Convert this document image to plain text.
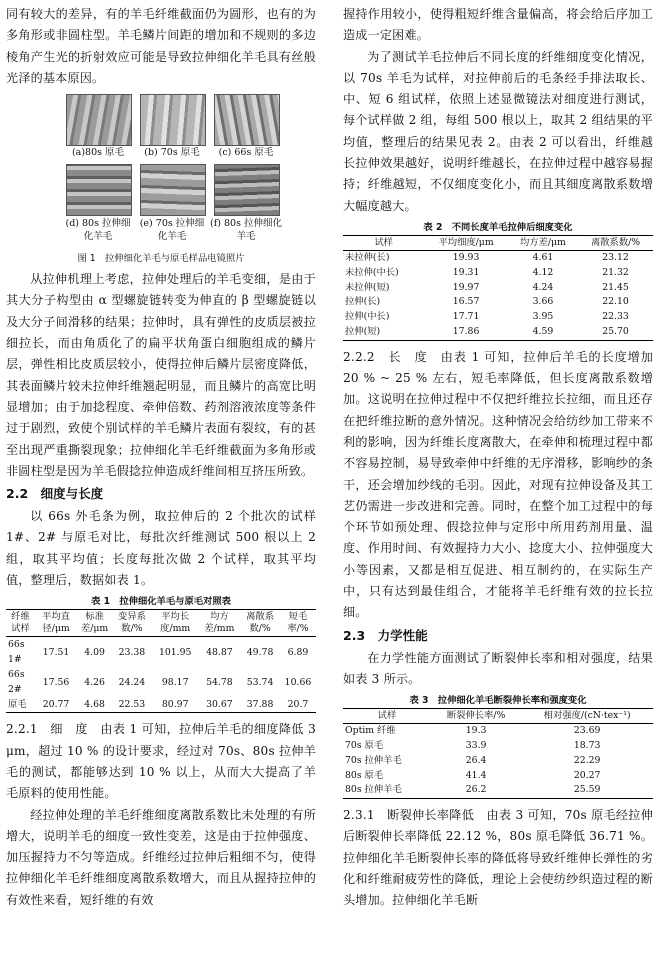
同有较大的差异，有的羊毛纤维截面仍为圆形，也有的为多角形或非圆柱型。羊毛鳞片间距的增加和不规则的多边棱角产生光的折射效应可能是导致拉伸细化羊毛具有丝般光泽的基本原因。

(a)80s 原毛	(b) 70s 原毛	(c) 66s 原毛
(d) 80s 拉伸细化羊毛
(e) 70s 拉伸细化羊毛
(f) 80s 拉伸细化羊毛
图 1　拉伸细化羊毛与原毛样品电镜照片

从拉伸机理上考虑，拉伸处理后的羊毛变细，是由于其大分子构型由 α 型螺旋链转变为伸直的 β 型螺旋链以及大分子间滑移的结果；拉伸时，具有弹性的皮质层被拉细拉长，而由角质化了的扁平状角蛋白细胞组成的鳞片层，弹性相比皮质层较小，使得拉伸后鳞片层密度降低，其表面鳞片较未拉伸纤维翘起明显，而且鳞片的高宽比明显增加；由于加捻程度、牵伸倍数、药剂溶液浓度等条件过于剧烈，致使个别试样的羊毛鳞片表面有裂纹，有的甚至出现严重撕裂现象；拉伸细化羊毛纤维截面为多角形或非圆柱型是因为羊毛假捻拉伸造成纤维间相互挤压所致。

2.2　细度与长度

以 66s 外毛条为例，取拉伸后的 2 个批次的试样 1#、2# 与原毛对比，每批次纤维测试 500 根以上 2 组，取其平均值；长度每批次做 2 个试样，取其平均值，整理后，数据如表 1。

表 1　拉伸细化羊毛与原毛对照表
纤维试样	平均直径/μm	标准差/μm	变异系数/%	平均长度/mm	均方差/mm	离散系数/%	短毛率/%
66s 1#	17.51	4.09	23.38	101.95	48.87	49.78	6.89
66s 2#	17.56	4.26	24.24	98.17	54.78	53.74	10.66
原毛	20.77	4.68	22.53	80.97	30.67	37.88	20.7

2.2.1　细　度　由表 1 可知，拉伸后羊毛的细度降低 3 μm，超过 10 % 的设计要求，经过对 70s、80s 拉伸羊毛的测试，都能够达到 10 % 以上，从而大大提高了羊毛原料的使用性能。

经拉伸处理的羊毛纤维细度离散系数比未处理的有所增大，说明羊毛的细度一致性变差，这是由于拉伸强度、加压握持力不匀等造成。纤维经过拉伸后粗细不匀，使得拉伸细化羊毛纤维细度离散系数增大，而且从握持拉伸的有效性来看，短纤维的有效

握持作用较小，使得粗短纤维含量偏高，将会给后序加工造成一定困难。

为了测试羊毛拉伸后不同长度的纤维细度变化情况，以 70s 羊毛为试样，对拉伸前后的毛条经手排法取长、中、短 6 组试样，依照上述显微镜法对细度进行测试，每个试样做 2 组，每组 500 根以上，取其 2 组结果的平均值，整理后的结果见表 2。由表 2 可以看出，纤维越长拉伸效果越好，说明纤维越长，在拉伸过程中越容易握持；纤维越短，不仅细度变化小，而且其细度离散系数增大幅度越大。

表 2　不同长度羊毛拉伸后细度变化
试样	平均细度/μm	均方差/μm	离散系数/%
未拉伸(长)	19.93	4.61	23.12
未拉伸(中长)	19.31	4.12	21.32
未拉伸(短)	19.97	4.24	21.45
拉伸(长)	16.57	3.66	22.10
拉伸(中长)	17.71	3.95	22.33
拉伸(短)	17.86	4.59	25.70

2.2.2　长　度　由表 1 可知，拉伸后羊毛的长度增加 20 % ~ 25 % 左右，短毛率降低，但长度离散系数增加。这说明在拉伸过程中不仅把纤维拉长拉细，而且还存在把纤维拉断的意外情况。这种情况会给纺纱加工带来不利的影响，因为纤维长度离散大，在牵伸和梳理过程中都不容易控制，易导致牵伸中纤维的无序滑移，影响纱的条干，还会增加纱线的毛羽。因此，对现有拉伸设备及其工艺仍需进一步改进和完善。同时，在整个加工过程中的每个环节如预处理、假捻拉伸与定形中所用药剂用量、温度、作用时间、有效握持力大小、捻度大小、拉伸强度大小等因素，又都是相互促进、相互制约的，在实际生产中，只有达到最佳组合，才能将羊毛纤维有效的拉长拉细。

2.3　力学性能

在力学性能方面测试了断裂伸长率和相对强度，结果如表 3 所示。

表 3　拉伸细化羊毛断裂伸长率和强度变化
试样	断裂伸长率/%	相对强度/(cN·tex⁻¹)
Optim 纤维	19.3	23.69
70s 原毛	33.9	18.73
70s 拉伸羊毛	26.4	22.29
80s 原毛	41.4	20.27
80s 拉伸羊毛	26.2	25.59

2.3.1　断裂伸长率降低　由表 3 可知，70s 原毛经拉伸后断裂伸长率降低 22.12 %，80s 原毛降低 36.71 %。拉伸细化羊毛断裂伸长率的降低将导致纤维伸长弹性的劣化和纤维耐疲劳性的降低，理论上会使纺纱织造过程的断头增加。拉伸细化羊毛断
